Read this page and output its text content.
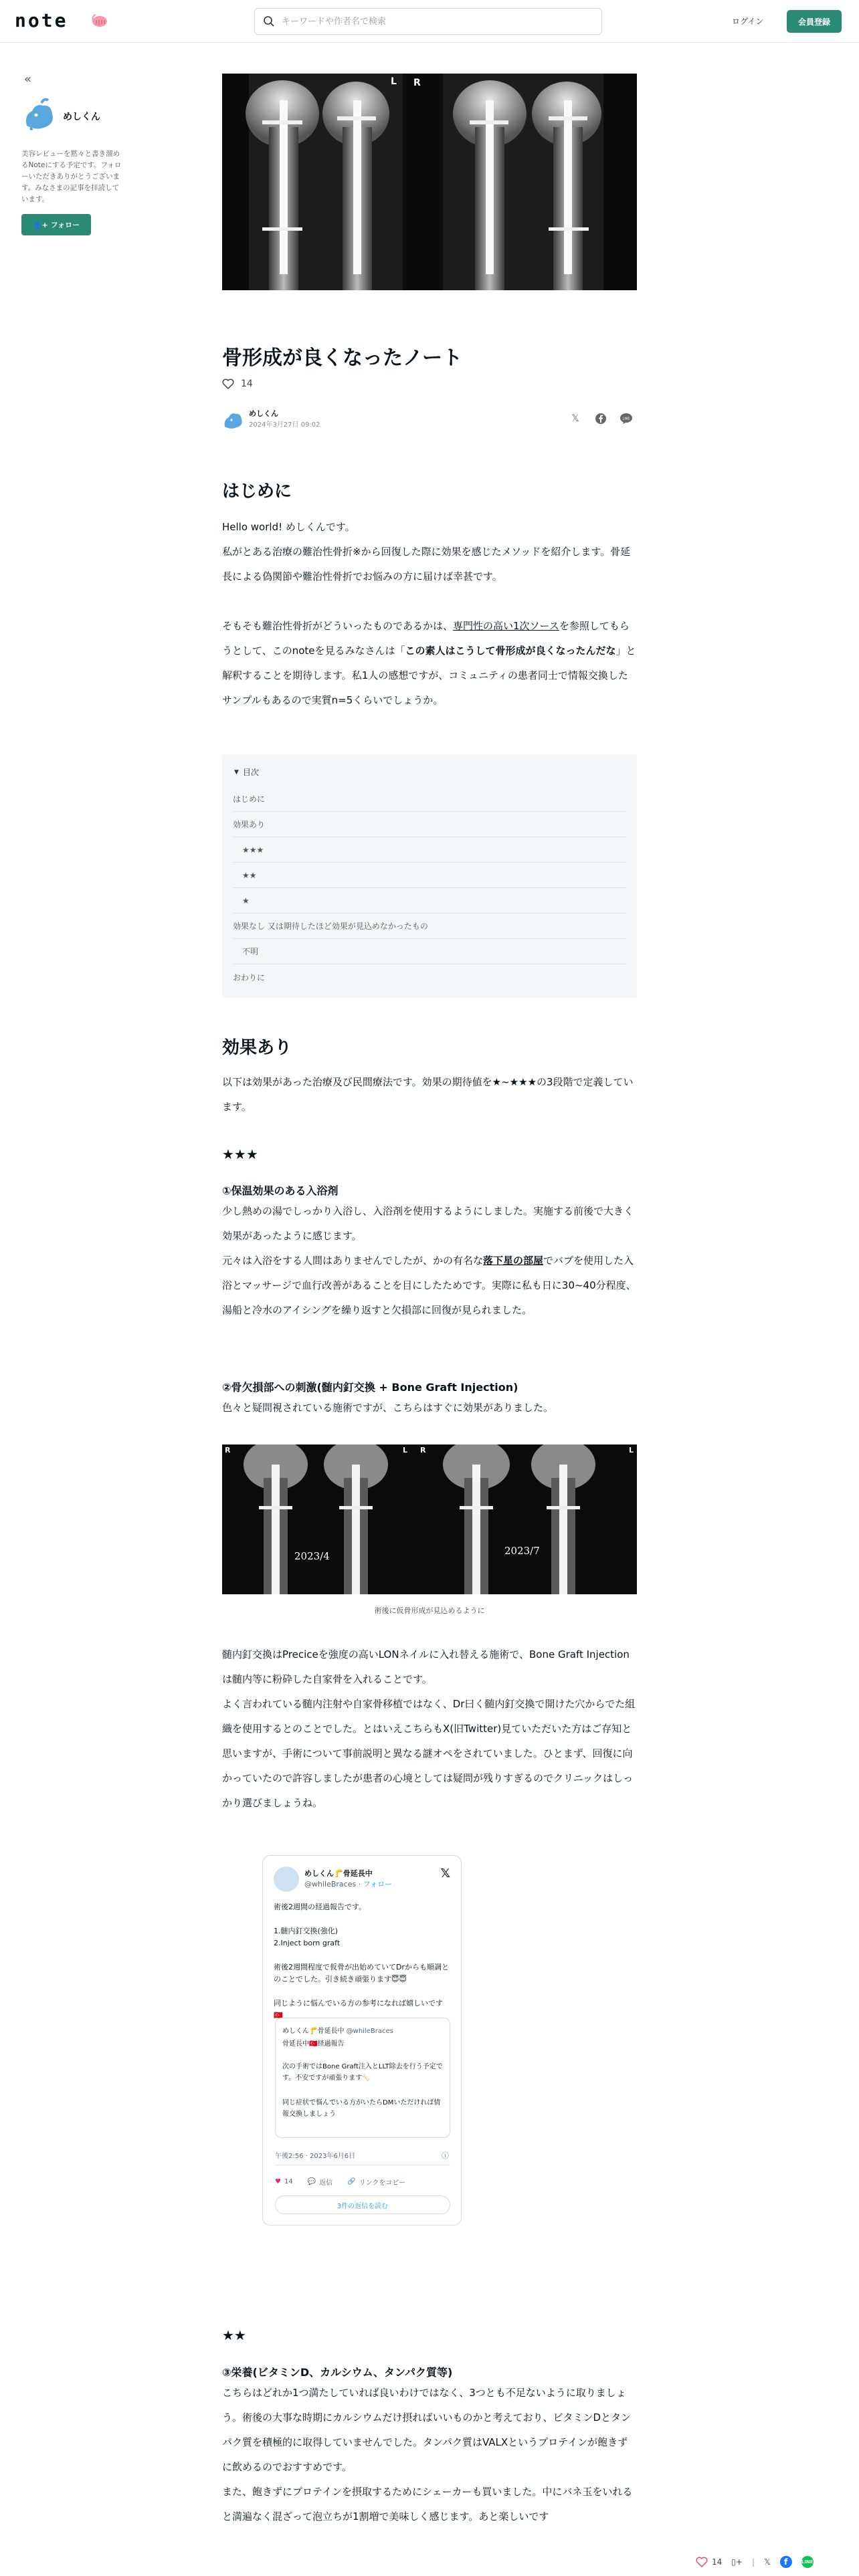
note
キーワードや作者名で検索	ログイン	会員登録
«
めしくん
美容レビューを黙々と書き溜めるNoteにする予定です。フォローいただきありがとうございます。みなさまの記事を拝読しています。
👤+ フォロー
L R
骨形成が良くなったノート
14
めしくん
2024年3月27日 09:02
𝕏	LINE
はじめに

Hello world! めしくんです。

私がとある治療の難治性骨折※から回復した際に効果を感じたメソッドを紹介します。骨延長による偽関節や難治性骨折でお悩みの方に届けば幸甚です。

そもそも難治性骨折がどういったものであるかは、専門性の高い1次ソースを参照してもらうとして、このnoteを見るみなさんは「この素人はこうして骨形成が良くなったんだな」と解釈することを期待します。私1人の感想ですが、コミュニティの患者同士で情報交換したサンプルもあるので実質n=5くらいでしょうか。

▼ 目次
はじめに
効果あり
★★★
★★
★
効果なし 又は期待したほど効果が見込めなかったもの
不明
おわりに
効果あり

以下は効果があった治療及び民間療法です。効果の期待値を★~★★★の3段階で定義しています。

★★★
①保温効果のある入浴剤

少し熱めの湯でしっかり入浴し、入浴剤を使用するようにしました。実施する前後で大きく効果があったように感じます。

元々は入浴をする人間はありませんでしたが、かの有名な落下星の部屋でバブを使用した入浴とマッサージで血行改善があることを目にしたためです。実際に私も日に30~40分程度、湯船と冷水のアイシングを繰り返すと欠損部に回復が見られました。

②骨欠損部への刺激(髄内釘交換 + Bone Graft Injection)

色々と疑問視されている施術ですが、こちらはすぐに効果がありました。

R	L R	L
2023/4	2023/7
術後に仮骨形成が見込めるように

髄内釘交換はPreciceを強度の高いLONネイルに入れ替える施術で、Bone Graft Injectionは髄内等に粉砕した自家骨を入れることです。

よく言われている髄内注射や自家骨移植ではなく、Dr曰く髄内釘交換で開けた穴からでた組織を使用するとのことでした。とはいえこちらもX(旧Twitter)見ていただいた方はご存知と思いますが、手術について事前説明と異なる謎オペをされていました。ひとまず、回復に向かっていたので許容しましたが患者の心境としては疑問が残りすぎるのでクリニックはしっかり選びましょうね。

めしくん🦵骨延長中
@whileBraces · フォロー
𝕏
術後2週間の経過報告です。
1.髄内釘交換(強化)
2.Inject born graft
術後2週間程度で仮骨が出始めていてDrからも順調とのことでした。引き続き頑張ります😇😇
同じように悩んでいる方の参考になれば嬉しいです🇹🇷
めしくん🦵骨延長中 @whileBraces
骨延長中🇹🇷経過報告
次の手術ではBone Graft注入とLLT除去を行う予定です。不安ですが頑張ります🦴
同じ症状で悩んでいる方がいたらDMいただければ情報交換しましょう
午後2:56 · 2023年6月6日	ⓘ
♥ 14 💬 返信 🔗 リンクをコピー
3件の返信を読む
★★
③栄養(ビタミンD、カルシウム、タンパク質等)

こちらはどれか1つ満たしていれば良いわけではなく、3つとも不足ないように取りましょう。術後の大事な時期にカルシウムだけ摂ればいいものかと考えており、ビタミンDとタンパク質を積極的に取得していませんでした。タンパク質はVALXというプロテインが飽きずに飲めるのでおすすめです。

また、飽きずにプロテインを摂取するためにシェーカーも買いました。中にバネ玉をいれると満遍なく混ざって泡立ちが1割増で美味しく感じます。あと楽しいです

14 ▯+ | 𝕏	f	LINE
